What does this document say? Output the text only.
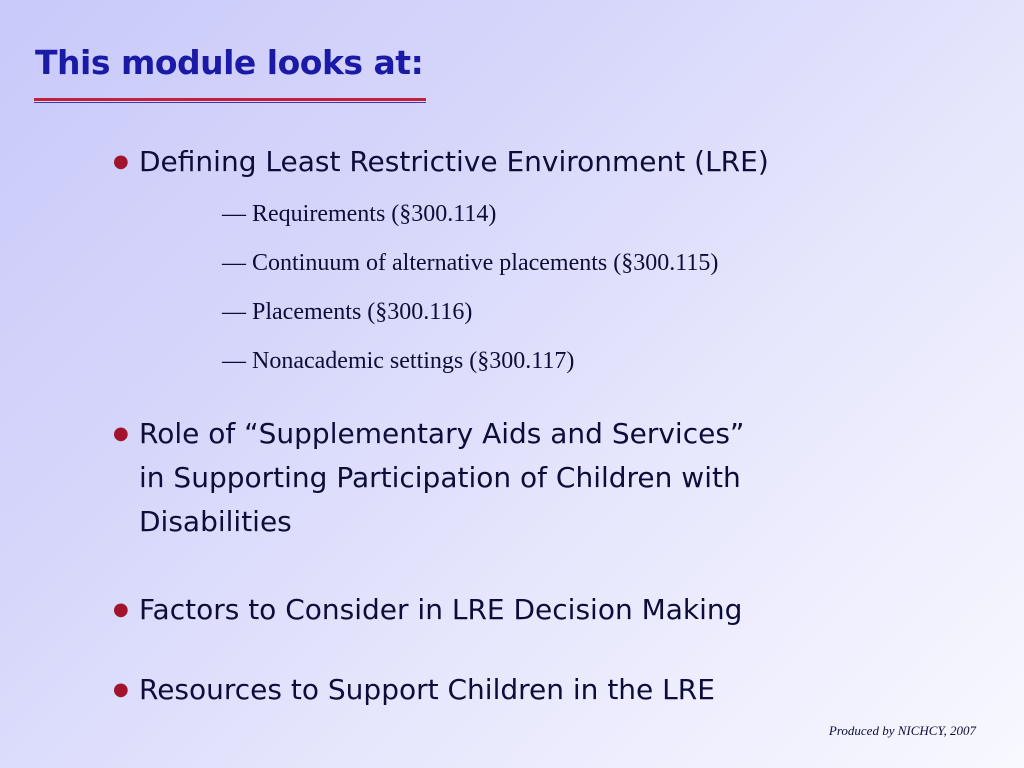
This module looks at:
● Defining Least Restrictive Environment (LRE)
— Requirements (§300.114)
— Continuum of alternative placements (§300.115)
— Placements (§300.116)
— Nonacademic settings (§300.117)
● Role of “Supplementary Aids and Services”
in Supporting Participation of Children with
Disabilities
● Factors to Consider in LRE Decision Making
● Resources to Support Children in the LRE
Produced by NICHCY, 2007
